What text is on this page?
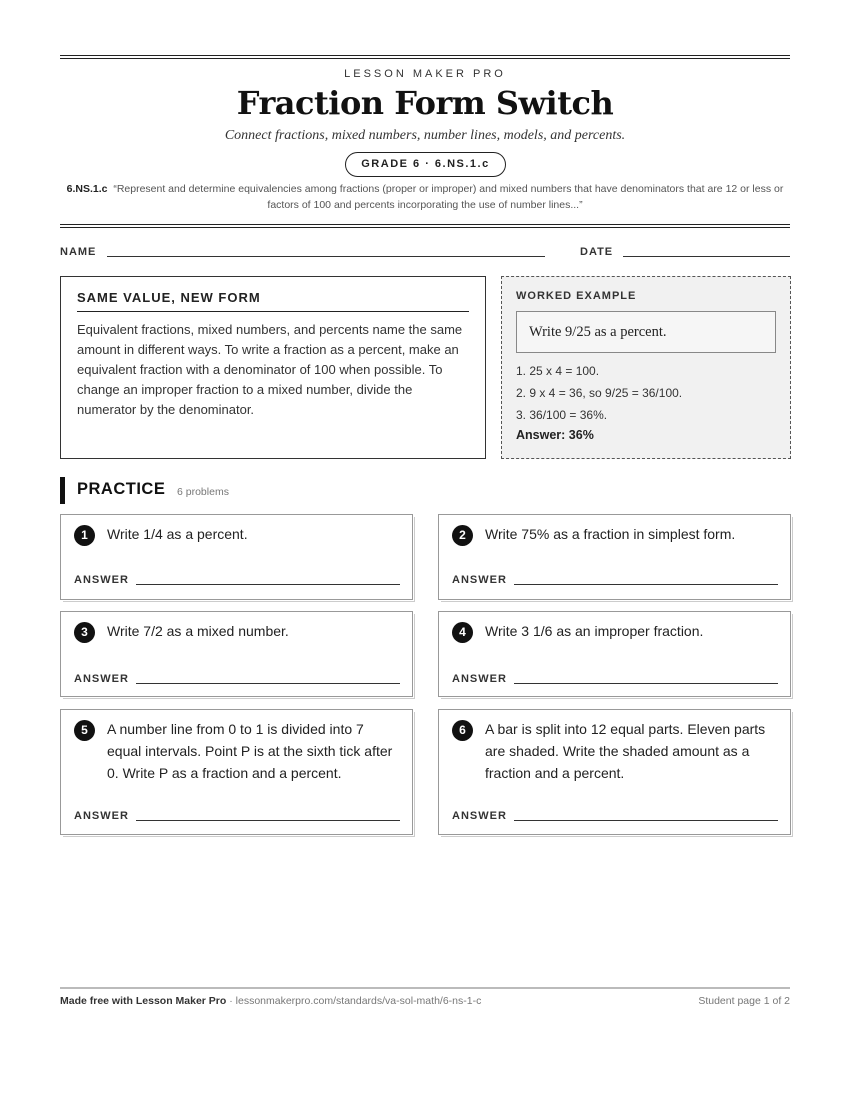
LESSON MAKER PRO
Fraction Form Switch
Connect fractions, mixed numbers, number lines, models, and percents.
GRADE 6 · 6.NS.1.c
6.NS.1.c “Represent and determine equivalencies among fractions (proper or improper) and mixed numbers that have denominators that are 12 or less or factors of 100 and percents incorporating the use of number lines...”
NAME	DATE
SAME VALUE, NEW FORM
Equivalent fractions, mixed numbers, and percents name the same amount in different ways. To write a fraction as a percent, make an equivalent fraction with a denominator of 100 when possible. To change an improper fraction to a mixed number, divide the numerator by the denominator.
WORKED EXAMPLE
Write 9/25 as a percent.
1. 25 x 4 = 100.
2. 9 x 4 = 36, so 9/25 = 36/100.
3. 36/100 = 36%.
Answer: 36%
PRACTICE 6 problems
1	Write 1/4 as a percent.
ANSWER
2	Write 75% as a fraction in simplest form.
ANSWER
3	Write 7/2 as a mixed number.
ANSWER
4	Write 3 1/6 as an improper fraction.
ANSWER
5	A number line from 0 to 1 is divided into 7 equal intervals. Point P is at the sixth tick after 0. Write P as a fraction and a percent.
ANSWER
6	A bar is split into 12 equal parts. Eleven parts are shaded. Write the shaded amount as a fraction and a percent.
ANSWER
Made free with Lesson Maker Pro · lessonmakerpro.com/standards/va-sol-math/6-ns-1-c	Student page 1 of 2
